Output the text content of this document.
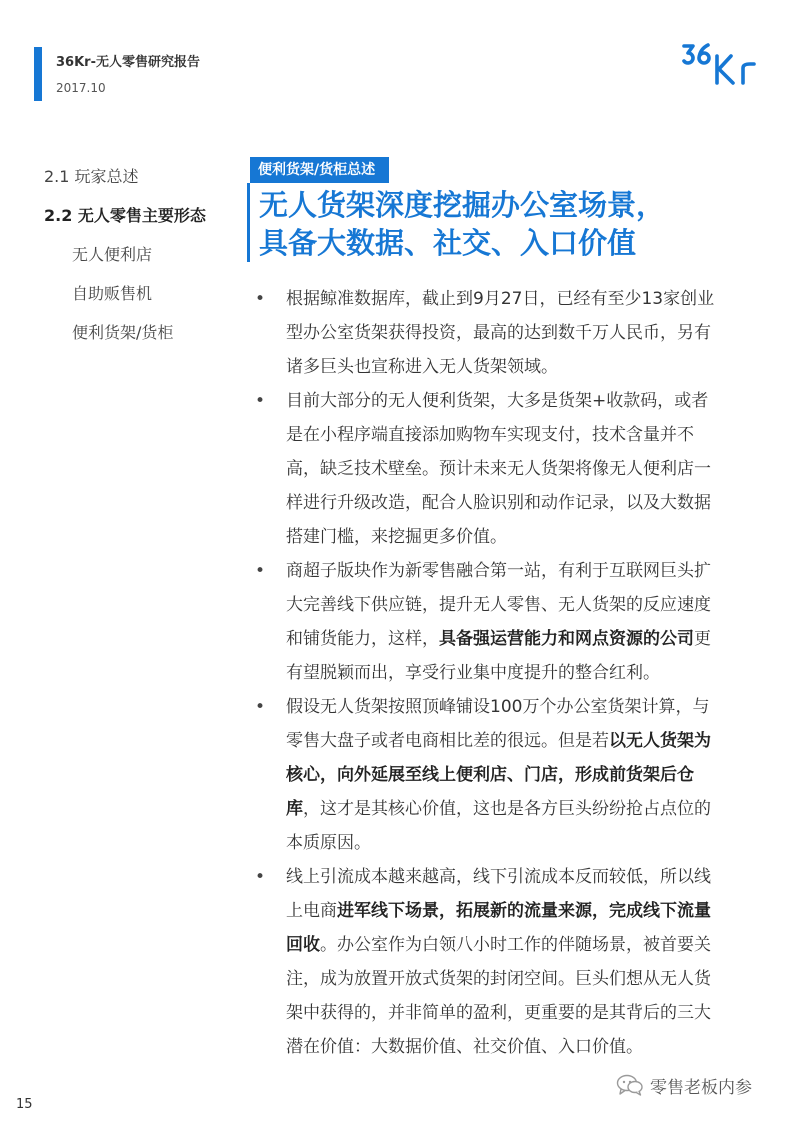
36Kr-无人零售研究报告
2017.10
2.1 玩家总述
2.2 无人零售主要形态
无人便利店
自助贩售机
便利货架/货柜
便利货架/货柜总述
无人货架深度挖掘办公室场景，
具备大数据、社交、入口价值
• 根据鲸准数据库，截止到9月27日，已经有至少13家创业型办公室货架获得投资，最高的达到数千万人民币，另有诸多巨头也宣称进入无人货架领域。
• 目前大部分的无人便利货架，大多是货架+收款码，或者是在小程序端直接添加购物车实现支付，技术含量并不高，缺乏技术壁垒。预计未来无人货架将像无人便利店一样进行升级改造，配合人脸识别和动作记录，以及大数据搭建门槛，来挖掘更多价值。
• 商超子版块作为新零售融合第一站，有利于互联网巨头扩大完善线下供应链，提升无人零售、无人货架的反应速度和铺货能力，这样，具备强运营能力和网点资源的公司更有望脱颖而出，享受行业集中度提升的整合红利。
• 假设无人货架按照顶峰铺设100万个办公室货架计算，与零售大盘子或者电商相比差的很远。但是若以无人货架为核心，向外延展至线上便利店、门店，形成前货架后仓库，这才是其核心价值，这也是各方巨头纷纷抢占点位的本质原因。
• 线上引流成本越来越高，线下引流成本反而较低，所以线上电商进军线下场景，拓展新的流量来源，完成线下流量回收。办公室作为白领八小时工作的伴随场景，被首要关注，成为放置开放式货架的封闭空间。巨头们想从无人货架中获得的，并非简单的盈利，更重要的是其背后的三大潜在价值：大数据价值、社交价值、入口价值。
15
零售老板内参
